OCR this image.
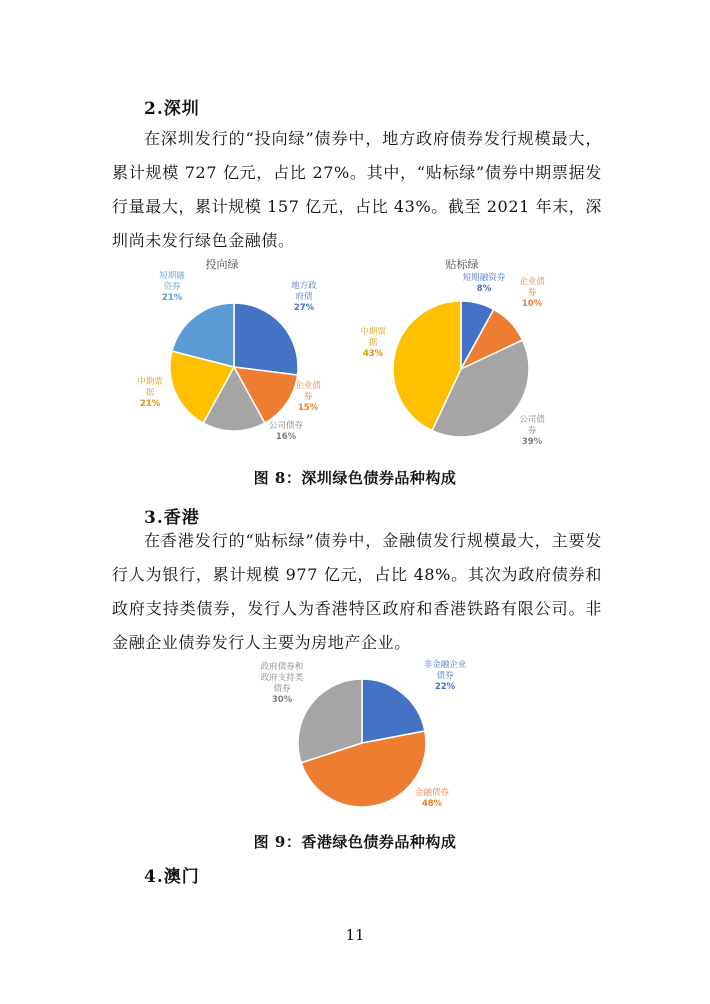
2.深圳
在深圳发行的“投向绿”债券中，地方政府债券发行规模最大，累计规模 727 亿元，占比 27%。其中，“贴标绿”债券中期票据发行量最大，累计规模 157 亿元，占比 43%。截至 2021 年末，深圳尚未发行绿色金融债。
投向绿
地方政府债 27%
企业债券 15%
公司债券 16%
中期票据 21%
短期融资券 21%
贴标绿
短期融资券 8%
企业债券 10%
公司债券 39%
中期票据 43%
图 8：深圳绿色债券品种构成
3.香港
在香港发行的“贴标绿”债券中，金融债发行规模最大，主要发行人为银行，累计规模 977 亿元，占比 48%。其次为政府债券和政府支持类债券，发行人为香港特区政府和香港铁路有限公司。非金融企业债券发行人主要为房地产企业。
非金融企业债券 22%
金融债券 48%
政府债券和政府支持类债券 30%
图 9：香港绿色债券品种构成
4.澳门
11
